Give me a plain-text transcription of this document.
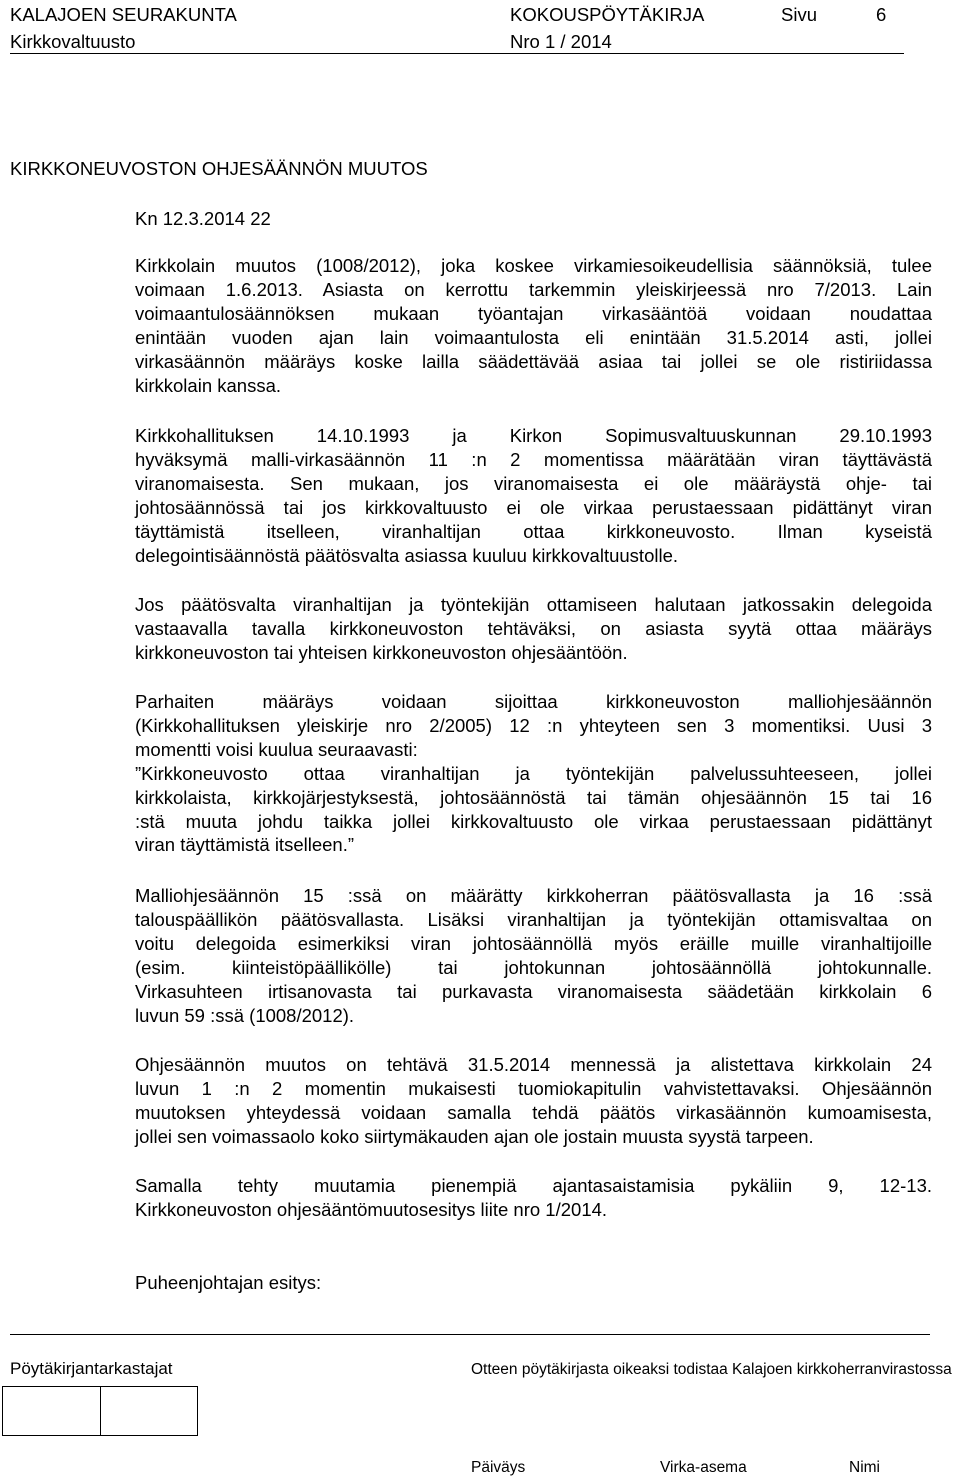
KALAJOEN SEURAKUNTA	KOKOUSPÖYTÄKIRJA	Sivu	6
Kirkkovaltuusto	Nro 1 / 2014
KIRKKONEUVOSTON OHJESÄÄNNÖN MUUTOS
Kn 12.3.2014 22
Kirkkolain muutos (1008/2012), joka koskee virkamiesoikeudellisia säännöksiä, tulee
voimaan 1.6.2013. Asiasta on kerrottu tarkemmin yleiskirjeessä nro 7/2013. Lain
voimaantulosäännöksen mukaan työantajan virkasääntöä voidaan noudattaa
enintään vuoden ajan lain voimaantulosta eli enintään 31.5.2014 asti, jollei
virkasäännön määräys koske lailla säädettävää asiaa tai jollei se ole ristiriidassa
kirkkolain kanssa.
Kirkkohallituksen 14.10.1993 ja Kirkon Sopimusvaltuuskunnan 29.10.1993
hyväksymä malli-virkasäännön 11 :n 2 momentissa määrätään viran täyttävästä
viranomaisesta. Sen mukaan, jos viranomaisesta ei ole määräystä ohje- tai
johtosäännössä tai jos kirkkovaltuusto ei ole virkaa perustaessaan pidättänyt viran
täyttämistä itselleen, viranhaltijan ottaa kirkkoneuvosto. Ilman kyseistä
delegointisäännöstä päätösvalta asiassa kuuluu kirkkovaltuustolle.
Jos päätösvalta viranhaltijan ja työntekijän ottamiseen halutaan jatkossakin delegoida
vastaavalla tavalla kirkkoneuvoston tehtäväksi, on asiasta syytä ottaa määräys
kirkkoneuvoston tai yhteisen kirkkoneuvoston ohjesääntöön.
Parhaiten määräys voidaan sijoittaa kirkkoneuvoston malliohjesäännön
(Kirkkohallituksen yleiskirje nro 2/2005) 12 :n yhteyteen sen 3 momentiksi. Uusi 3
momentti voisi kuulua seuraavasti:
”Kirkkoneuvosto ottaa viranhaltijan ja työntekijän palvelussuhteeseen, jollei
kirkkolaista, kirkkojärjestyksestä, johtosäännöstä tai tämän ohjesäännön 15 tai 16
:stä muuta johdu taikka jollei kirkkovaltuusto ole virkaa perustaessaan pidättänyt
viran täyttämistä itselleen.”
Malliohjesäännön 15 :ssä on määrätty kirkkoherran päätösvallasta ja 16 :ssä
talouspäällikön päätösvallasta. Lisäksi viranhaltijan ja työntekijän ottamisvaltaa on
voitu delegoida esimerkiksi viran johtosäännöllä myös eräille muille viranhaltijoille
(esim. kiinteistöpäällikölle) tai johtokunnan johtosäännöllä johtokunnalle.
Virkasuhteen irtisanovasta tai purkavasta viranomaisesta säädetään kirkkolain 6
luvun 59 :ssä (1008/2012).
Ohjesäännön muutos on tehtävä 31.5.2014 mennessä ja alistettava kirkkolain 24
luvun 1 :n 2 momentin mukaisesti tuomiokapitulin vahvistettavaksi. Ohjesäännön
muutoksen yhteydessä voidaan samalla tehdä päätös virkasäännön kumoamisesta,
jollei sen voimassaolo koko siirtymäkauden ajan ole jostain muusta syystä tarpeen.
Samalla tehty muutamia pienempiä ajantasaistamisia pykäliin 9, 12-13.
Kirkkoneuvoston ohjesääntömuutosesitys liite nro 1/2014.
Puheenjohtajan esitys:
Pöytäkirjantarkastajat	Otteen pöytäkirjasta oikeaksi todistaa Kalajoen kirkkoherranvirastossa
Päiväys	Virka-asema	Nimi
